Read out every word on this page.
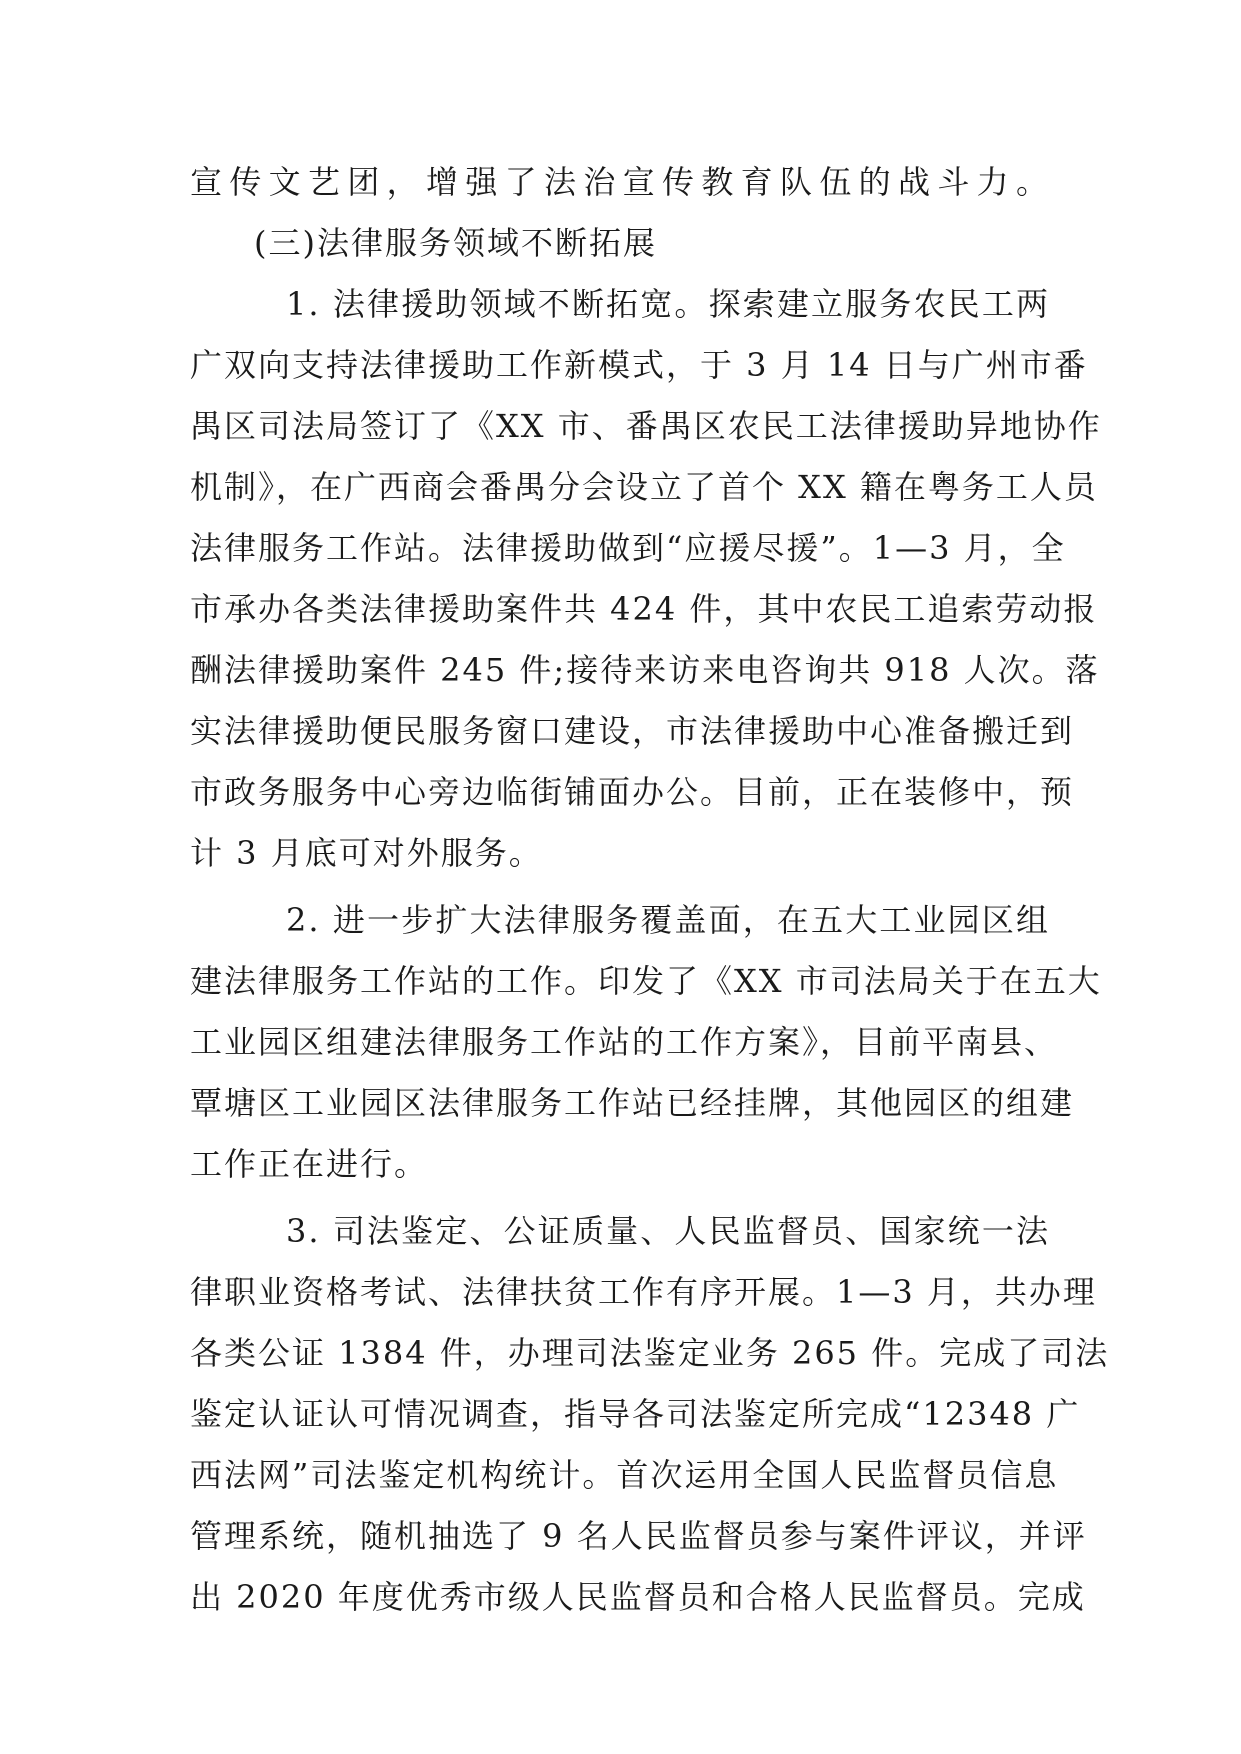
宣传文艺团，增强了法治宣传教育队伍的战斗力。
(三)法律服务领域不断拓展
1. 法律援助领域不断拓宽。探索建立服务农民工两
广双向支持法律援助工作新模式，于 3 月 14 日与广州市番
禺区司法局签订了《XX 市、番禺区农民工法律援助异地协作
机制》，在广西商会番禺分会设立了首个 XX 籍在粤务工人员
法律服务工作站。法律援助做到“应援尽援”。1—3 月，全
市承办各类法律援助案件共 424 件，其中农民工追索劳动报
酬法律援助案件 245 件;接待来访来电咨询共 918 人次。落
实法律援助便民服务窗口建设，市法律援助中心准备搬迁到
市政务服务中心旁边临街铺面办公。目前，正在装修中，预
计 3 月底可对外服务。
2. 进一步扩大法律服务覆盖面，在五大工业园区组
建法律服务工作站的工作。印发了《XX 市司法局关于在五大
工业园区组建法律服务工作站的工作方案》，目前平南县、
覃塘区工业园区法律服务工作站已经挂牌，其他园区的组建
工作正在进行。
3. 司法鉴定、公证质量、人民监督员、国家统一法
律职业资格考试、法律扶贫工作有序开展。1—3 月，共办理
各类公证 1384 件，办理司法鉴定业务 265 件。完成了司法
鉴定认证认可情况调查，指导各司法鉴定所完成“12348 广
西法网”司法鉴定机构统计。首次运用全国人民监督员信息
管理系统，随机抽选了 9 名人民监督员参与案件评议，并评
出 2020 年度优秀市级人民监督员和合格人民监督员。完成
